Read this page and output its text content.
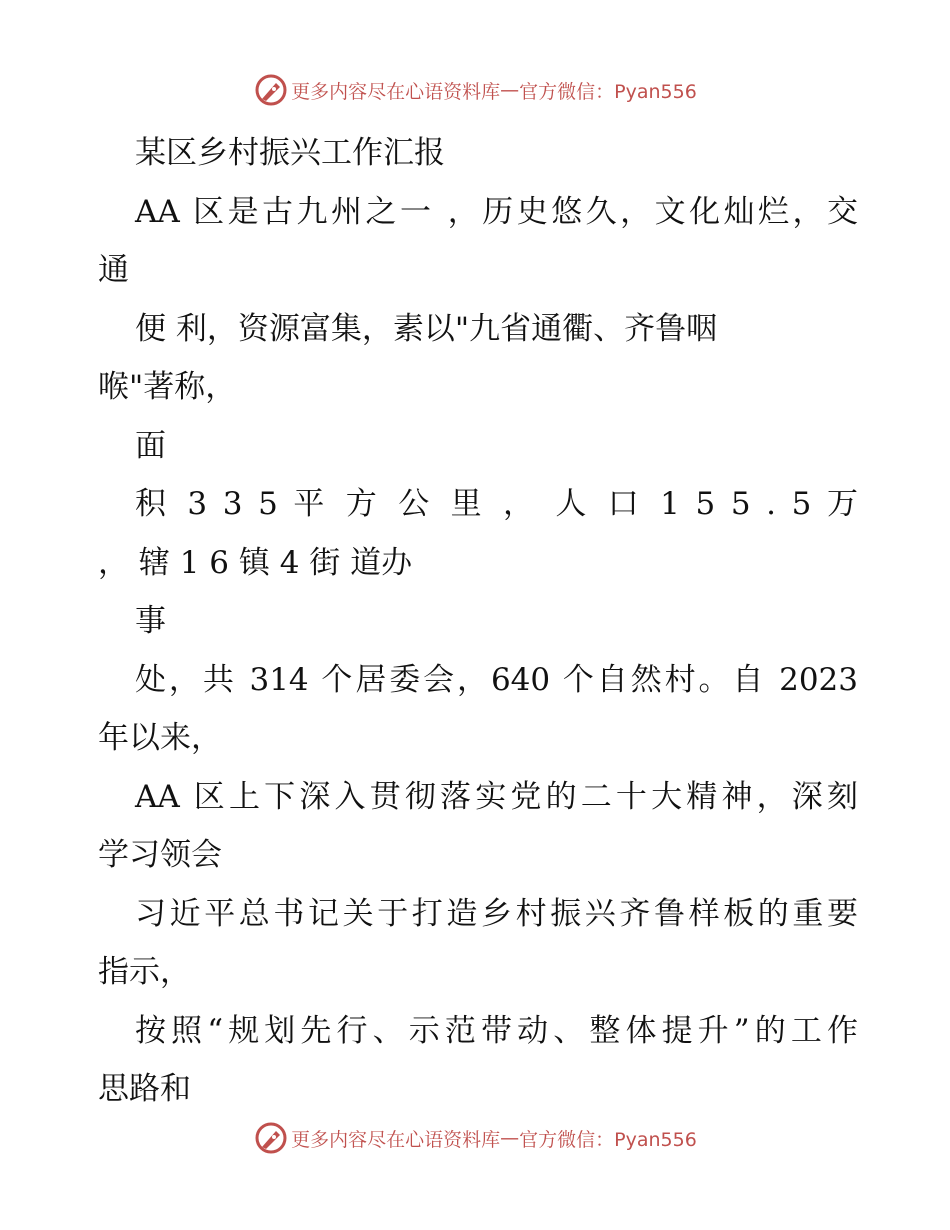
更多内容尽在心语资料库 — 官方微信：Pyan556
某区乡村振兴工作汇报
AA 区是古九州之一 ，历史悠久，文化灿烂，交
通
便 利，资源富集，素以"九省通衢、齐鲁咽
喉"著称，
面
积 3 3 5 平 方 公 里 ， 人 口 1 5 5 . 5 万
， 辖 1 6 镇 4 街 道办
事
处，共 314 个居委会，640 个自然村。自 2023
年以来，
AA 区上下深入贯彻落实党的二十大精神，深刻
学习领会
习近平总书记关于打造乡村振兴齐鲁样板的重要
指示，
按照“规划先行、示范带动、整体提升”的工作
思路和
更多内容尽在心语资料库 — 官方微信：Pyan556
